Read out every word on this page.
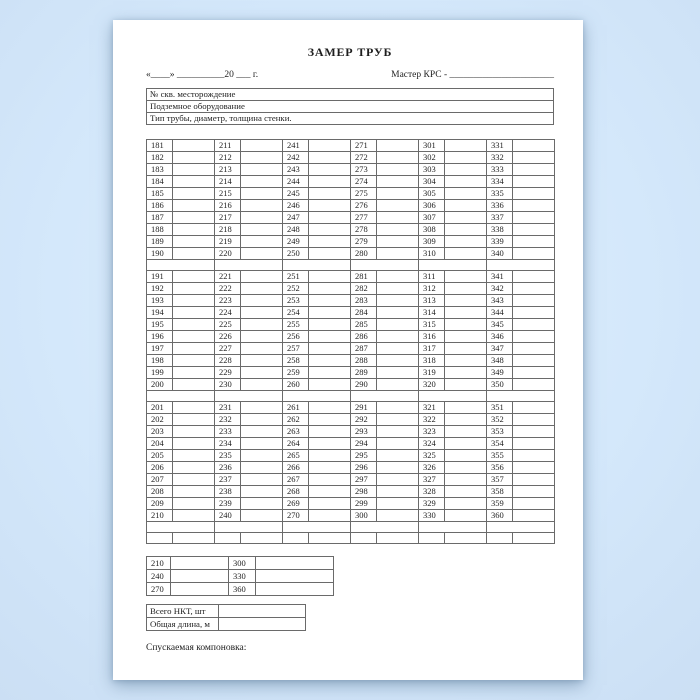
ЗАМЕР ТРУБ
«____» __________20 ___ г.	Мастер КРС - ______________________
№ скв. месторождение
Подземное оборудование
Тип трубы, диаметр, толщина стенки.
181		211		241		271		301		331	
182		212		242		272		302		332	
183		213		243		273		303		333	
184		214		244		274		304		334	
185		215		245		275		305		335	
186		216		246		276		306		336	
187		217		247		277		307		337	
188		218		248		278		308		338	
189		219		249		279		309		339	
190		220		250		280		310		340	

191		221		251		281		311		341	
192		222		252		282		312		342	
193		223		253		283		313		343	
194		224		254		284		314		344	
195		225		255		285		315		345	
196		226		256		286		316		346	
197		227		257		287		317		347	
198		228		258		288		318		348	
199		229		259		289		319		349	
200		230		260		290		320		350	

201		231		261		291		321		351	
202		232		262		292		322		352	
203		233		263		293		323		353	
204		234		264		294		324		354	
205		235		265		295		325		355	
206		236		266		296		326		356	
207		237		267		297		327		357	
208		238		268		298		328		358	
209		239		269		299		329		359	
210		240		270		300		330		360	

210		300	
240		330	
270		360	
Всего НКТ, шт	
Общая длина, м	
Спускаемая компоновка:
